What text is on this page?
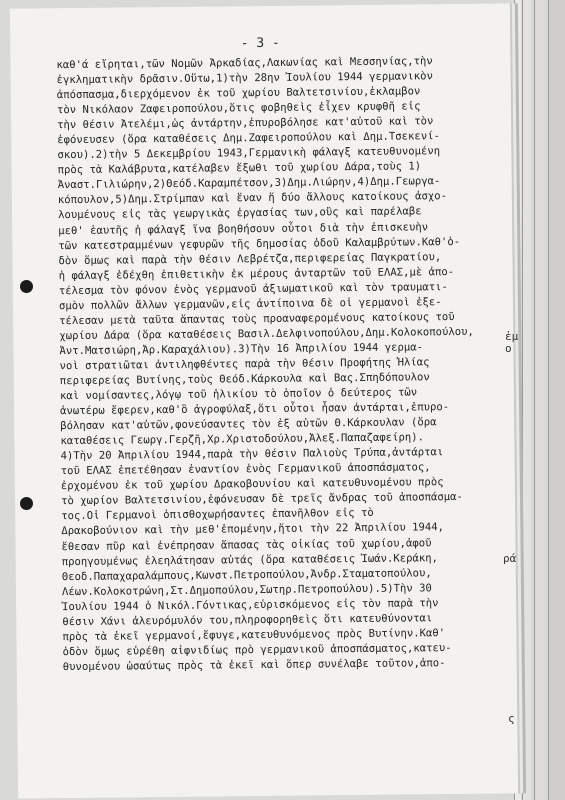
- 3 -
καθ'ά εἴρηται,τῶν Νομῶν Ἀρκαδίας,Λακωνίας καὶ Μεσσηνίας,τὴν
ἐγκληματικὴν δρᾶσιν.Οὕτω,1)τὴν 28ην Ἰουλίου 1944 γερμανικὸν
ἀπόσπασμα,διερχόμενον ἐκ τοῦ χωρίου Βαλτετσινίου,ἐκλαμβον
τὸν Νικόλαον Ζαφειροπούλου,ὅτις φοβηθεὶς ἐἶχεν κρυφθῆ εἰς
τὴν θέσιν Ἀτελέμι,ὡς ἀντάρτην,ἐπυροβόλησε κατ'αὐτοῦ καὶ τὸν
ἐφόνευσεν (ὅρα καταθέσεις Δημ.Ζαφειροπούλου καὶ Δημ.Τσεκενί-
σκου).2)τὴν 5 Δεκεμβρίου 1943,Γερμανικὴ φάλαγξ κατευθυνομένη
πρὸς τὰ Καλάβρυτα,κατέλαβεν ἔξωθι τοῦ χωρίου Δάρα,τοὺς 1)
Ἀναστ.Γιλιώρην,2)Θεόδ.Καραμπέτσον,3)Δημ.Λιώρην,4)Δημ.Γεωργα-
κόπουλον,5)Δημ.Στρίμπαν καὶ ἕναν ἤ δύο ἄλλους κατοίκους ἀσχο-
λουμένους εἰς τὰς γεωργικὰς ἐργασίας των,οὓς καὶ παρέλαβε
μεθ' ἑαυτῆς ἡ φάλαγξ ἵνα βοηθήσουν οὗτοι διὰ τὴν ἐπισκευὴν
τῶν κατεστραμμένων γεφυρῶν τῆς δημοσίας ὁδοῦ Καλαμβρύτων.Καθ'ὁ-
δὸν ὅμως καὶ παρὰ τὴν θέσιν Λεβρέτζα,περιφερείας Παγκρατίου,
ἡ φάλαγξ ἐδέχθη ἐπιθετικὴν ἐκ μέρους ἀνταρτῶν τοῦ ΕΛΑΣ,μὲ ἀπο-
τέλεσμα τὸν φόνον ἑνὸς γερμανοῦ ἀξιωματικοῦ καὶ τὸν τραυματι-
σμὸν πολλῶν ἄλλων γερμανῶν,εἰς ἀντίποινα δὲ οἱ γερμανοὶ ἐξε-
τέλεσαν μετὰ ταῦτα ἅπαντας τοὺς προαναφερομένους κατοίκους τοῦ
χωρίου Δάρα (ὅρα καταθέσεις Βασιλ.Δελφινοπούλου,Δημ.Κολοκοπούλου,
Ἀντ.Ματσιώρη,Ἀρ.Καραχάλιου).3)Τὴν 16 Ἀπριλίου 1944 γερμα-
νοὶ στρατιῶται ἀντιληφθέντες παρὰ τὴν θέσιν Προφήτης Ἠλίας
περιφερείας Βυτίνης,τοὺς Θεόδ.Κάρκουλα καὶ Βας.Σπηδόπουλον
καὶ νομίσαντες,λόγῳ τοῦ ἡλικίου τὸ ὁποῖον ὁ δεύτερος τῶν
ἀνωτέρω ἔφερεν,καθ'ὃ ἀγροφύλαξ,ὅτι οὗτοι ἦσαν ἀντάρται,ἐπυρο-
βόλησαν κατ'αὐτῶν,φονεύσαντες τὸν ἐξ αὐτῶν Θ.Κάρκουλαν (ὅρα
καταθέσεις Γεωργ.Γερζῆ,Χρ.Χριστοδούλου,Ἀλεξ.Παπαζαφείρη).
4)Τὴν 20 Ἀπριλίου 1944,παρὰ τὴν θέσιν Παλιοὺς Τρύπα,ἀντάρται
τοῦ ΕΛΑΣ ἐπετέθησαν ἐναντίον ἑνὸς Γερμανικοῦ ἀποσπάσματος,
ἐρχομένου ἐκ τοῦ χωρίου Δρακοβουνίου καὶ κατευθυνομένου πρὸς
τὸ χωρίον Βαλτετσινίου,ἐφόνευσαν δὲ τρεῖς ἄνδρας τοῦ ἀποσπάσμα-
τος.Οἱ Γερμανοὶ ὀπισθοχωρήσαντες ἐπανῆλθον εἰς τὸ
Δρακοβούνιον καὶ τὴν μεθ'ἐπομένην,ἤτοι τὴν 22 Ἀπριλίου 1944,
ἔθεσαν πῦρ καὶ ἐνέπρησαν ἅπασας τὰς οἰκίας τοῦ χωρίου,ἀφοῦ
προηγουμένως ἐλεηλάτησαν αὐτάς (ὅρα καταθέσεις Ἰωάν.Κεράκη,
Θεοδ.Παπαχαραλάμπους,Κωνστ.Πετροπούλου,Ἀνδρ.Σταματοπούλου,
Λέων.Κολοκοτρώνη,Στ.Δημοπούλου,Σωτηρ.Πετροπούλου).5)Τὴν 30
Ἰουλίου 1944 ὁ Νικόλ.Γόντικας,εὑρισκόμενος εἰς τὸν παρὰ τὴν
θέσιν Χάνι ἀλευρόμυλόν του,πληροφορηθεὶς ὅτι κατευθύνονται
πρὸς τὰ ἐκεῖ γερμανοί,ἔφυγε,κατευθυνόμενος πρὸς Βυτίνην.Καθ'
ὁδὸν ὅμως εὑρέθη αἰφνιδίως πρὸ γερμανικοῦ ἀποσπάσματος,κατευ-
θυνομένου ὡσαύτως πρὸς τὰ ἐκεῖ καὶ ὅπερ συνέλαβε τοῦτον,ἀπο-
ἐμ
ρά
ς
ο
